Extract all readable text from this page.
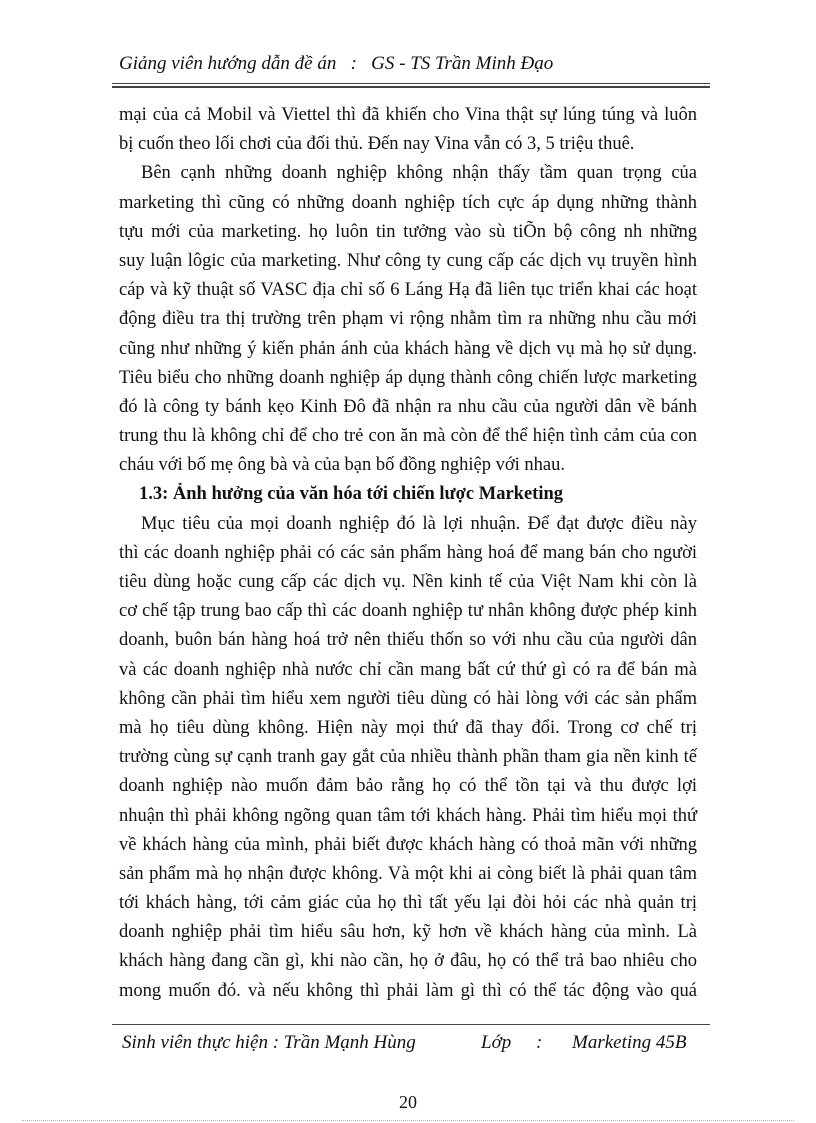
Giảng viên hướng dẫn đề án   :   GS - TS Trần Minh Đạo
mại của cả Mobil và Viettel thì đã khiến cho Vina thật sự lúng túng và luôn
bị cuốn theo lối chơi của đối thủ. Đến nay Vina vẫn có 3, 5 triệu thuê.
Bên cạnh những doanh nghiệp không nhận thấy tầm quan trọng của
marketing thì cũng có những doanh nghiệp tích cực áp dụng những thành
tựu mới của marketing. họ luôn tin tưởng vào sù tiÕn bộ công nh những
suy luận lôgic của marketing. Như công ty cung cấp các dịch vụ truyền hình
cáp và kỹ thuật số VASC địa chỉ số 6 Láng Hạ đã liên tục triển khai các hoạt
động điều tra thị trường trên phạm vi rộng nhằm tìm ra những nhu cầu mới
cũng như những ý kiến phản ánh của khách hàng về dịch vụ mà họ sử dụng.
Tiêu biểu cho những doanh nghiệp áp dụng thành công chiến lược marketing
đó là công ty bánh kẹo Kinh Đô đã nhận ra nhu cầu của người dân về bánh
trung thu là không chỉ để cho trẻ con ăn mà còn để thể hiện tình cảm của con
cháu với bố mẹ ông bà và của bạn bố đồng nghiệp với nhau.
1.3: Ảnh hưởng của văn hóa tới chiến lược Marketing
Mục tiêu của mọi doanh nghiệp đó là lợi nhuận. Để đạt được điều này
thì các doanh nghiệp phải có các sản phẩm hàng hoá để mang bán cho người
tiêu dùng hoặc cung cấp các dịch vụ. Nền kinh tế của Việt Nam khi còn là
cơ chế tập trung bao cấp thì các doanh nghiệp tư nhân không được phép kinh
doanh, buôn bán hàng hoá trở nên thiếu thốn so với nhu cầu của người dân
và các doanh nghiệp nhà nước chỉ cần mang bất cứ thứ gì có ra để bán mà
không cần phải tìm hiểu xem người tiêu dùng có hài lòng với các sản phẩm
mà họ tiêu dùng không. Hiện này mọi thứ đã thay đổi. Trong cơ chế trị
trường cùng sự cạnh tranh gay gắt của nhiều thành phần tham gia nền kinh tế
doanh nghiệp nào muốn đảm bảo rằng họ có thể tồn tại và thu được lợi
nhuận thì phải không ngõng quan tâm tới khách hàng. Phải tìm hiểu mọi thứ
về khách hàng của mình, phải biết được khách hàng có thoả mãn với những
sản phẩm mà họ nhận được không. Và một khi ai còng biết là phải quan tâm
tới khách hàng, tới cảm giác của họ thì tất yếu lại đòi hỏi các nhà quản trị
doanh nghiệp phải tìm hiểu sâu hơn, kỹ hơn về khách hàng của mình. Là
khách hàng đang cần gì, khi nào cần, họ ở đâu, họ có thể trả bao nhiêu cho
mong muốn đó. và nếu không thì phải làm gì thì có thể tác động vào quá
Sinh viên thực hiện : Trần Mạnh Hùng	Lớp : Marketing 45B
20
